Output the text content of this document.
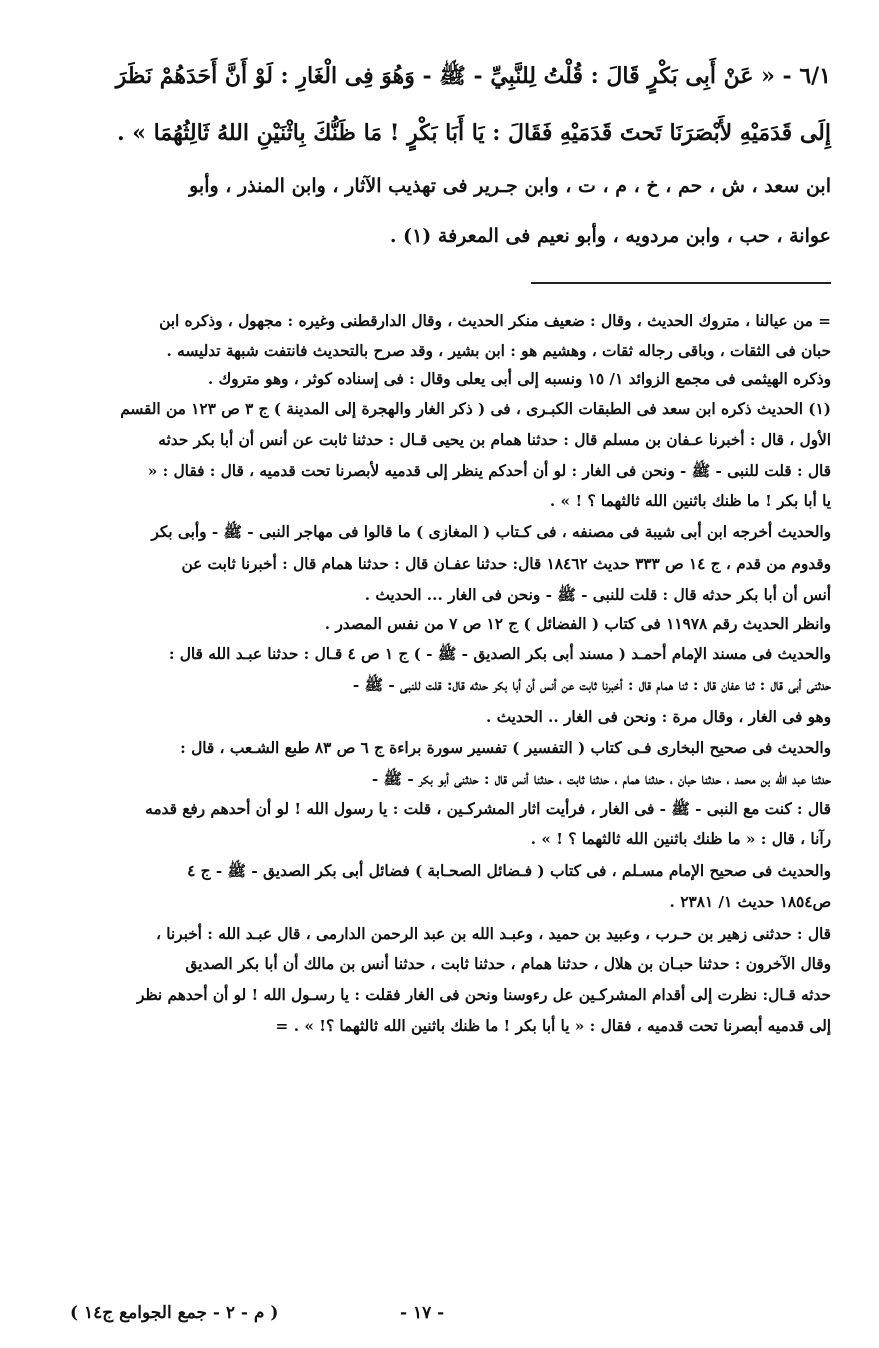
٦/١ - « عَنْ أَبِى بَكْرٍ قَالَ : قُلْتُ لِلنَّبِيِّ - ﷺ - وَهُوَ فِى الْغَارِ : لَوْ أَنَّ أَحَدَهُمْ نَظَرَ
إِلَى قَدَمَيْهِ لأَبْصَرَنَا تَحتَ قَدَمَيْهِ فَقَالَ : يَا أَبَا بَكْرٍ ! مَا ظَنُّكَ بِاثْنَيْنِ اللهُ ثَالِثُهُمَا » .
ابن سعد ، ش ، حم ، خ ، م ، ت ، وابن جـرير فى تهذيب الآثار ، وابن المنذر ، وأبو
عوانة ، حب ، وابن مردويه ، وأبو نعيم فى المعرفة (١) .
= من عيالنا ، متروك الحديث ، وقال : ضعيف منكر الحديث ، وقال الدارقطنى وغيره : مجهول ، وذكره ابن
حبان فى الثقات ، وباقى رجاله ثقات ، وهشيم هو : ابن بشير ، وقد صرح بالتحديث فانتفت شبهة تدليسه .
وذكره الهيثمى فى مجمع الزوائد ١/ ١٥ ونسبه إلى أبى يعلى وقال : فى إسناده كوثر ، وهو متروك .
(١) الحديث ذكره ابن سعد فى الطبقات الكبـرى ، فى ( ذكر الغار والهجرة إلى المدينة ) ج ٣ ص ١٢٣ من القسم
الأول ، قال : أخبرنا عـفان بن مسلم قال : حدثنا همام بن يحيى قـال : حدثنا ثابت عن أنس أن أبا بكر حدثه
قال : قلت للنبى - ﷺ - ونحن فى الغار : لو أن أحدكم ينظر إلى قدميه لأبصرنا تحت قدميه ، قال : فقال : «
يا أبا بكر ! ما ظنك باثنين الله ثالثهما ؟ ! » .
والحديث أخرجه ابن أبى شيبة فى مصنفه ، فى كـتاب ( المغازى ) ما قالوا فى مهاجر النبى - ﷺ - وأبى بكر
وقدوم من قدم ، ج ١٤ ص ٣٣٣ حديث ١٨٤٦٢ قال: حدثنا عفـان قال : حدثنا همام قال : أخبرنا ثابت عن
أنس أن أبا بكر حدثه قال : قلت للنبى - ﷺ - ونحن فى الغار ... الحديث .
وانظر الحديث رقم ١١٩٧٨ فى كتاب ( الفضائل ) ج ١٢ ص ٧ من نفس المصدر .
والحديث فى مسند الإمام أحمـد ( مسند أبى بكر الصديق - ﷺ - ) ج ١ ص ٤ قـال : حدثنا عبـد الله قال :
حدثنى أبى قال : ثنا عفان قال : ثنا همام قال : أخبرنا ثابت عن أنس أن أبا بكر حدثه قال: قلت للنبى - ﷺ -
وهو فى الغار ، وقال مرة : ونحن فى الغار .. الحديث .
والحديث فى صحيح البخارى فـى كتاب ( التفسير ) تفسير سورة براءة ج ٦ ص ٨٣ طبع الشـعب ، قال :
حدثنا عبد الله بن محمد ، حدثنا حبان ، حدثنا همام ، حدثنا ثابت ، حدثنا أنس قال : حدثنى أبو بكر - ﷺ -
قال : كنت مع النبى - ﷺ - فى الغار ، فرأيت اثار المشركـين ، قلت : يا رسول الله ! لو أن أحدهم رفع قدمه
رآنا ، قال : « ما ظنك باثنين الله ثالثهما ؟ ! » .
والحديث فى صحيح الإمام مسـلم ، فى كتاب ( فـضائل الصحـابة ) فضائل أبى بكر الصديق - ﷺ - ج ٤
ص١٨٥٤ حديث ١/ ٢٣٨١ .
قال : حدثنى زهير بن حـرب ، وعبيد بن حميد ، وعبـد الله بن عبد الرحمن الدارمى ، قال عبـد الله : أخبرنا ،
وقال الآخرون : حدثنا حبـان بن هلال ، حدثنا همام ، حدثنا ثابت ، حدثنا أنس بن مالك أن أبا بكر الصديق
حدثه قـال: نظرت إلى أقدام المشركـين عل رءوسنا ونحن فى الغار فقلت : يا رسـول الله ! لو أن أحدهم نظر
إلى قدميه أبصرنا تحت قدميه ، فقال : « يا أبا بكر ! ما ظنك باثنين الله ثالثهما ؟! » . =
- ١٧ -
( م - ٢ - جمع الجوامع ج١٤ )
